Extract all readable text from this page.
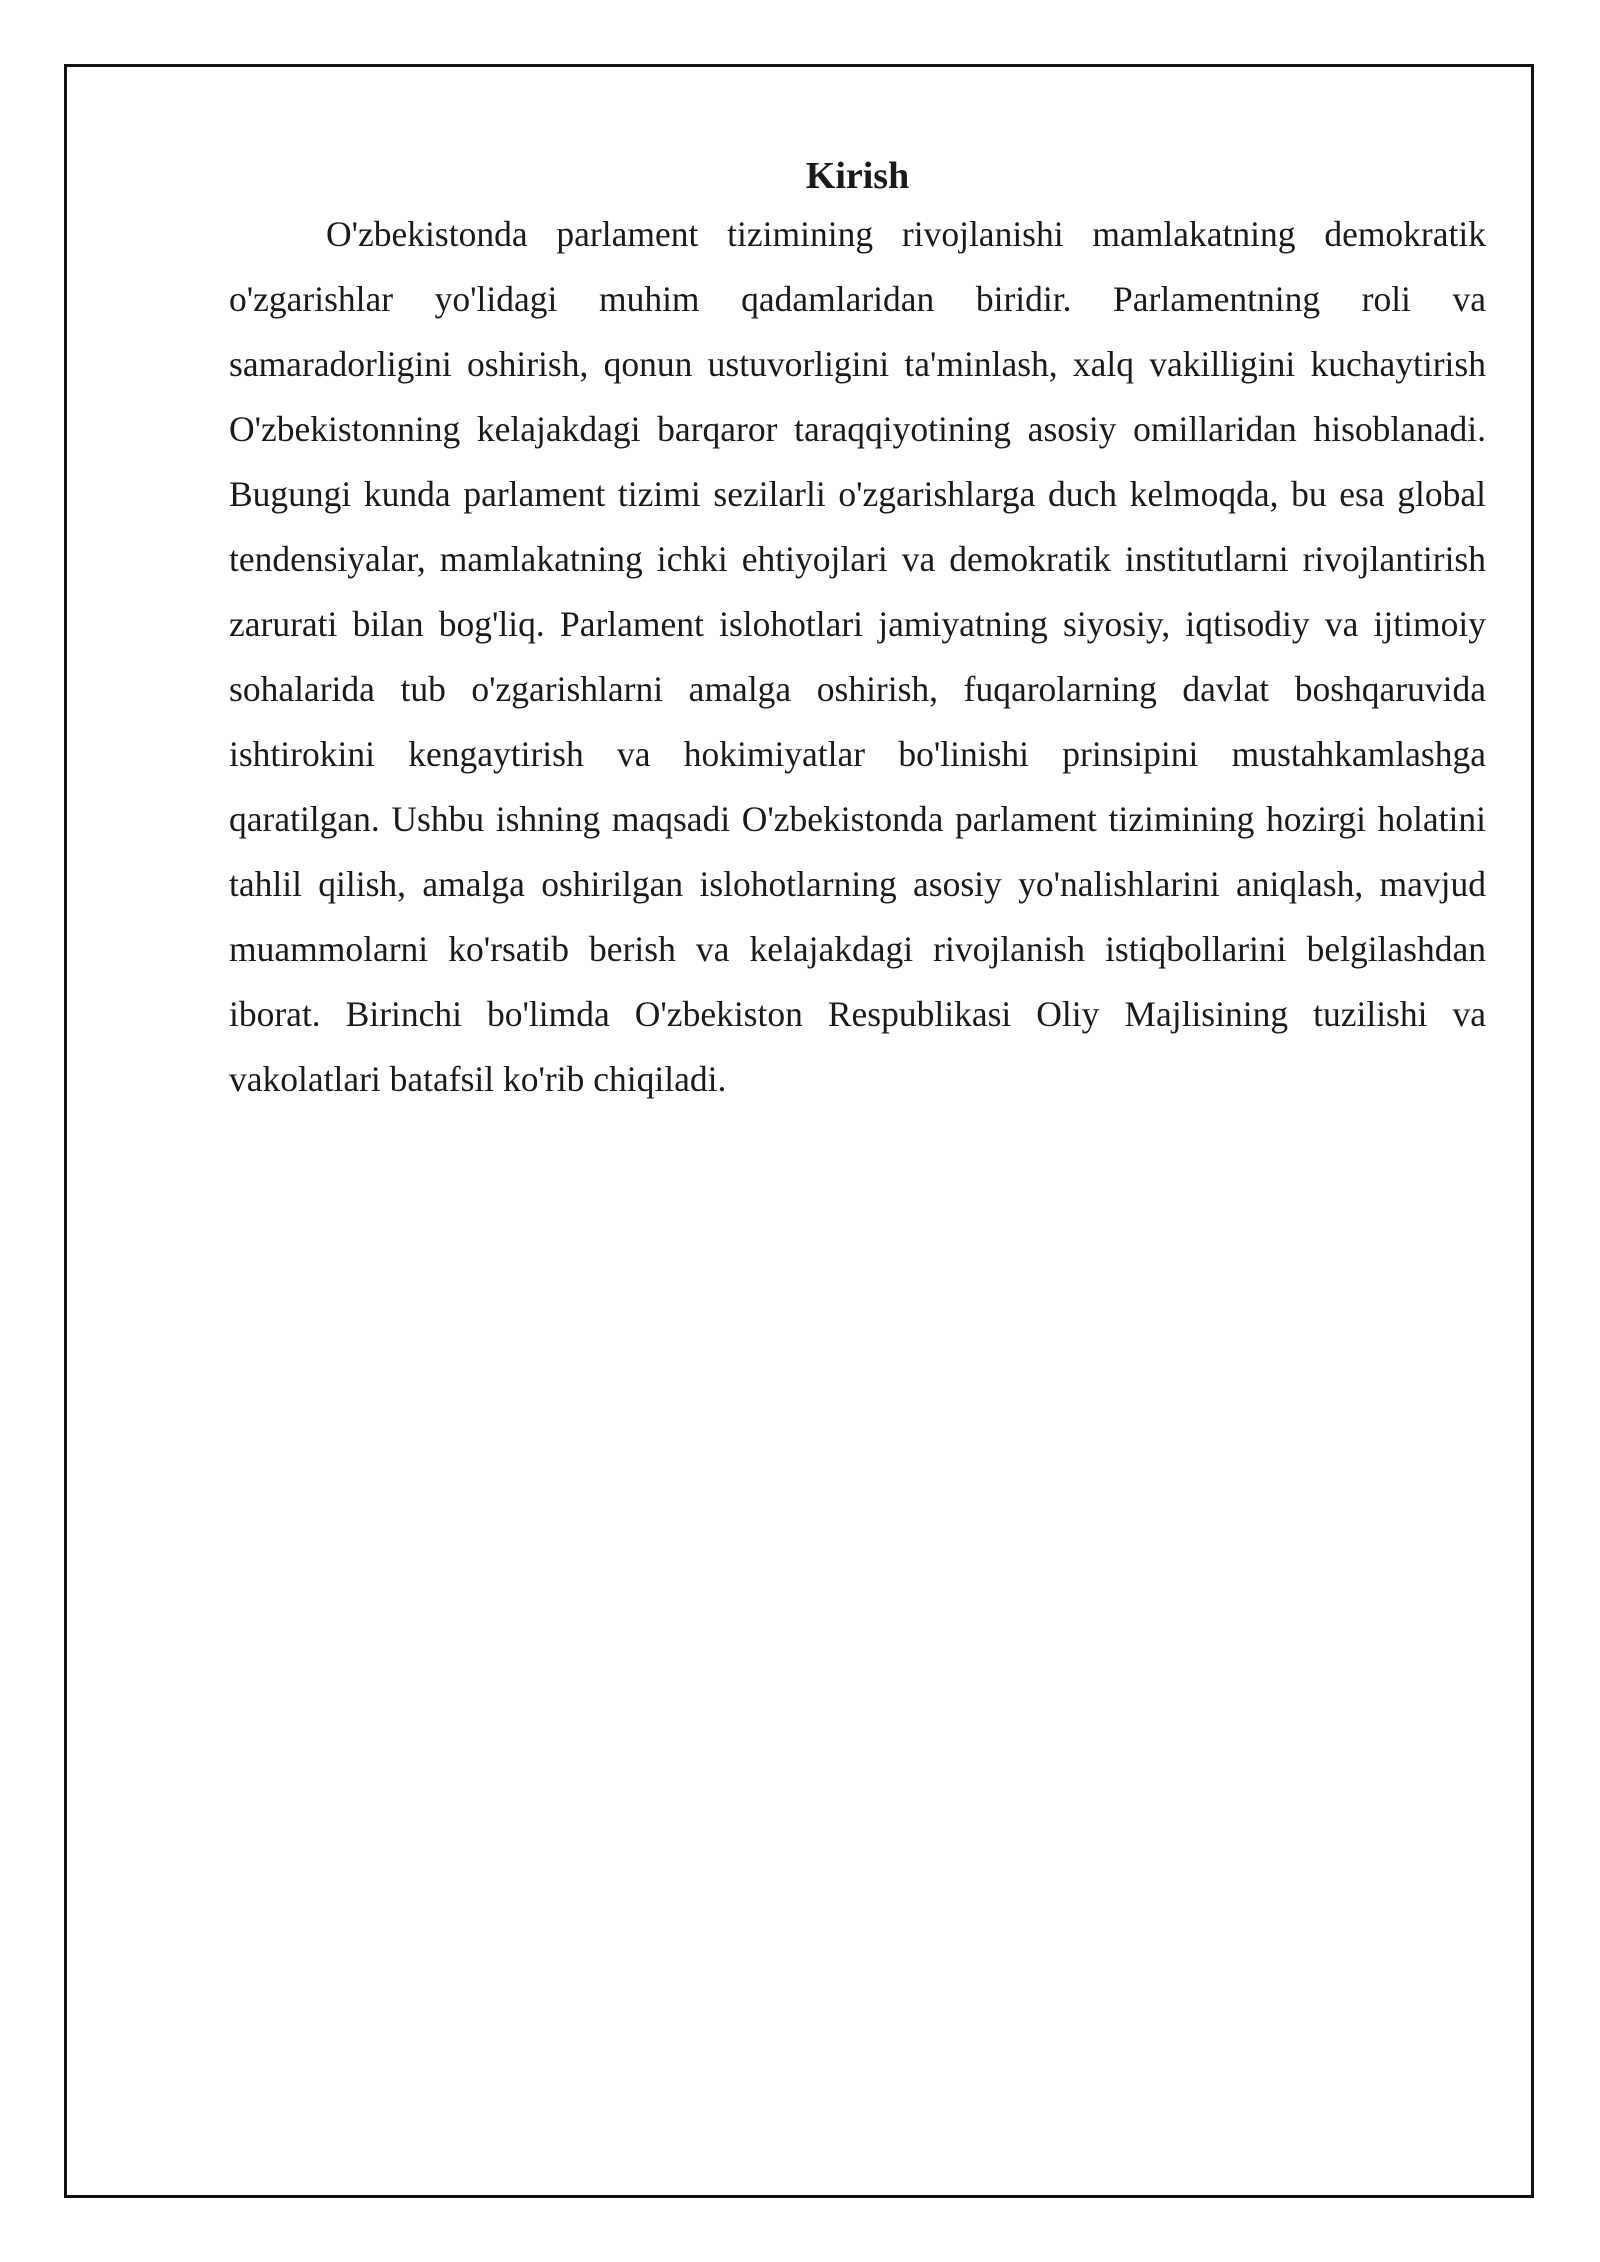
Kirish

O'zbekistonda parlament tizimining rivojlanishi mamlakatning demokratik o'zgarishlar yo'lidagi muhim qadamlaridan biridir. Parlamentning roli va samaradorligini oshirish, qonun ustuvorligini ta'minlash, xalq vakilligini kuchaytirish O'zbekistonning kelajakdagi barqaror taraqqiyotining asosiy omillaridan hisoblanadi. Bugungi kunda parlament tizimi sezilarli o'zgarishlarga duch kelmoqda, bu esa global tendensiyalar, mamlakatning ichki ehtiyojlari va demokratik institutlarni rivojlantirish zarurati bilan bog'liq. Parlament islohotlari jamiyatning siyosiy, iqtisodiy va ijtimoiy sohalarida tub o'zgarishlarni amalga oshirish, fuqarolarning davlat boshqaruvida ishtirokini kengaytirish va hokimiyatlar bo'linishi prinsipini mustahkamlashga qaratilgan. Ushbu ishning maqsadi O'zbekistonda parlament tizimining hozirgi holatini tahlil qilish, amalga oshirilgan islohotlarning asosiy yo'nalishlarini aniqlash, mavjud muammolarni ko'rsatib berish va kelajakdagi rivojlanish istiqbollarini belgilashdan iborat. Birinchi bo'limda O'zbekiston Respublikasi Oliy Majlisining tuzilishi va vakolatlari batafsil ko'rib chiqiladi.
